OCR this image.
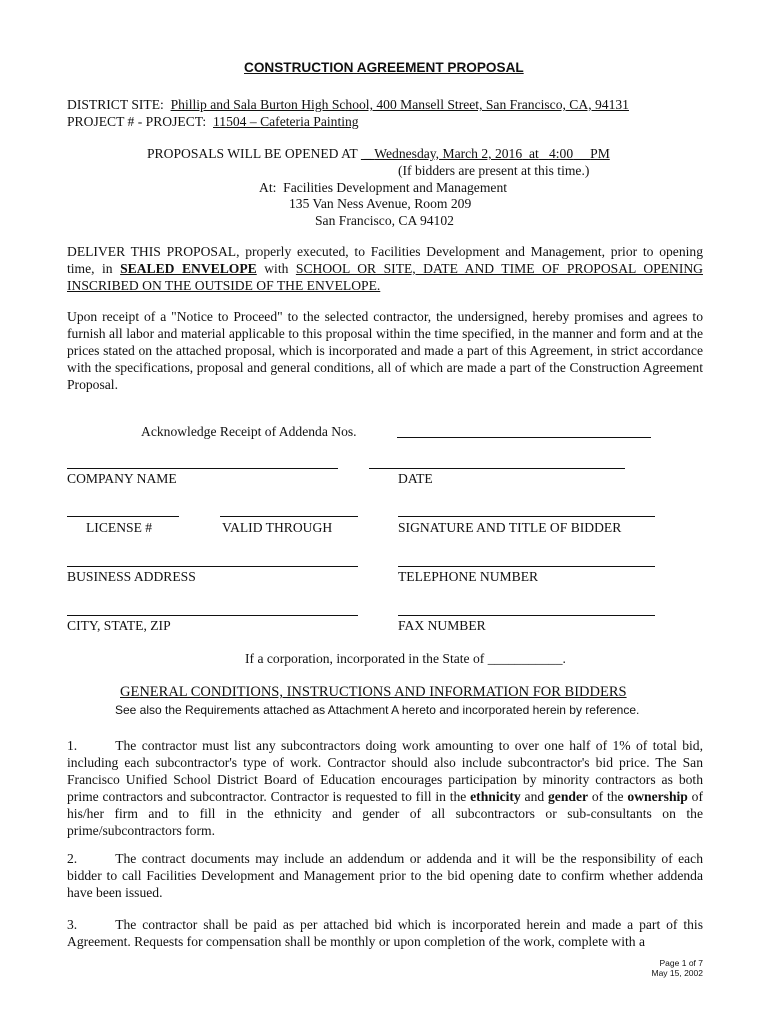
CONSTRUCTION AGREEMENT PROPOSAL
DISTRICT SITE: Phillip and Sala Burton High School, 400 Mansell Street, San Francisco, CA, 94131
PROJECT # - PROJECT: 11504 – Cafeteria Painting
PROPOSALS WILL BE OPENED AT  _ Wednesday, March 2, 2016 at 4:00 PM
(If bidders are present at this time.)
At: Facilities Development and Management
135 Van Ness Avenue, Room 209
San Francisco, CA 94102
DELIVER THIS PROPOSAL, properly executed, to Facilities Development and Management, prior to opening time, in SEALED ENVELOPE with SCHOOL OR SITE, DATE AND TIME OF PROPOSAL OPENING INSCRIBED ON THE OUTSIDE OF THE ENVELOPE.
Upon receipt of a "Notice to Proceed" to the selected contractor, the undersigned, hereby promises and agrees to furnish all labor and material applicable to this proposal within the time specified, in the manner and form and at the prices stated on the attached proposal, which is incorporated and made a part of this Agreement, in strict accordance with the specifications, proposal and general conditions, all of which are made a part of the Construction Agreement Proposal.
Acknowledge Receipt of Addenda Nos.
COMPANY NAME	DATE
LICENSE #	VALID THROUGH	SIGNATURE AND TITLE OF BIDDER
BUSINESS ADDRESS	TELEPHONE NUMBER
CITY, STATE, ZIP	FAX NUMBER
If a corporation, incorporated in the State of ___________.
GENERAL CONDITIONS, INSTRUCTIONS AND INFORMATION FOR BIDDERS
See also the Requirements attached as Attachment A hereto and incorporated herein by reference.
1.	The contractor must list any subcontractors doing work amounting to over one half of 1% of total bid, including each subcontractor's type of work. Contractor should also include subcontractor's bid price. The San Francisco Unified School District Board of Education encourages participation by minority contractors as both prime contractors and subcontractor. Contractor is requested to fill in the ethnicity and gender of the ownership of his/her firm and to fill in the ethnicity and gender of all subcontractors or sub-consultants on the prime/subcontractors form.
2.	The contract documents may include an addendum or addenda and it will be the responsibility of each bidder to call Facilities Development and Management prior to the bid opening date to confirm whether addenda have been issued.
3.	The contractor shall be paid as per attached bid which is incorporated herein and made a part of this Agreement. Requests for compensation shall be monthly or upon completion of the work, complete with a
Page 1 of 7
May 15, 2002
